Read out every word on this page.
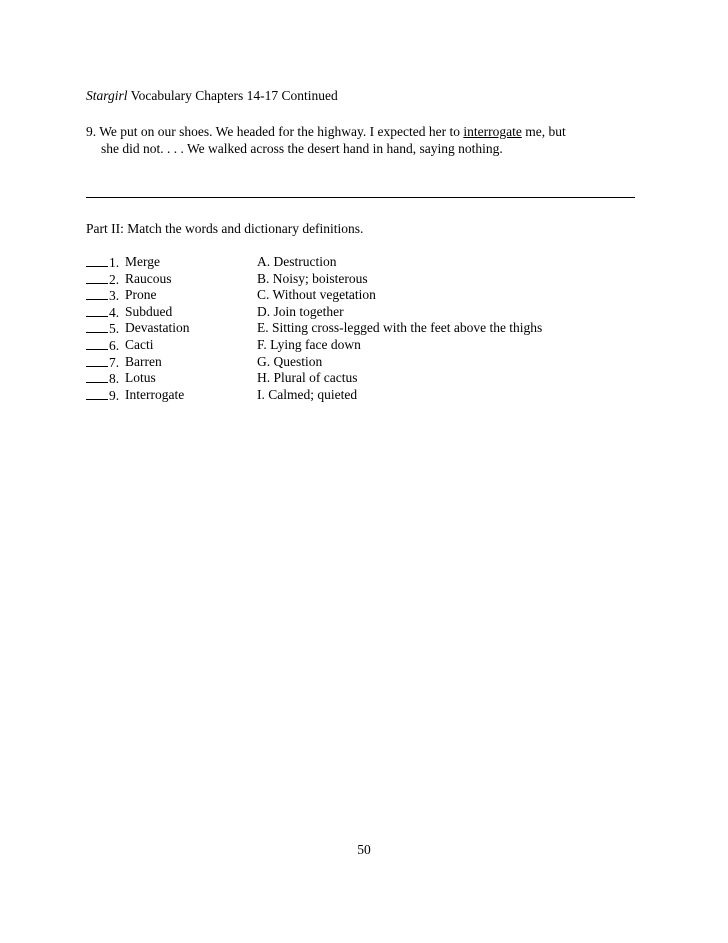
Stargirl Vocabulary Chapters 14-17 Continued
9. We put on our shoes. We headed for the highway. I expected her to interrogate me, but
she did not. . . . We walked across the desert hand in hand, saying nothing.
Part II: Match the words and dictionary definitions.
1. Merge	A. Destruction
2. Raucous	B. Noisy; boisterous
3. Prone	C. Without vegetation
4. Subdued	D. Join together
5. Devastation	E. Sitting cross-legged with the feet above the thighs
6. Cacti	F. Lying face down
7. Barren	G. Question
8. Lotus	H. Plural of cactus
9. Interrogate	I. Calmed; quieted
50
